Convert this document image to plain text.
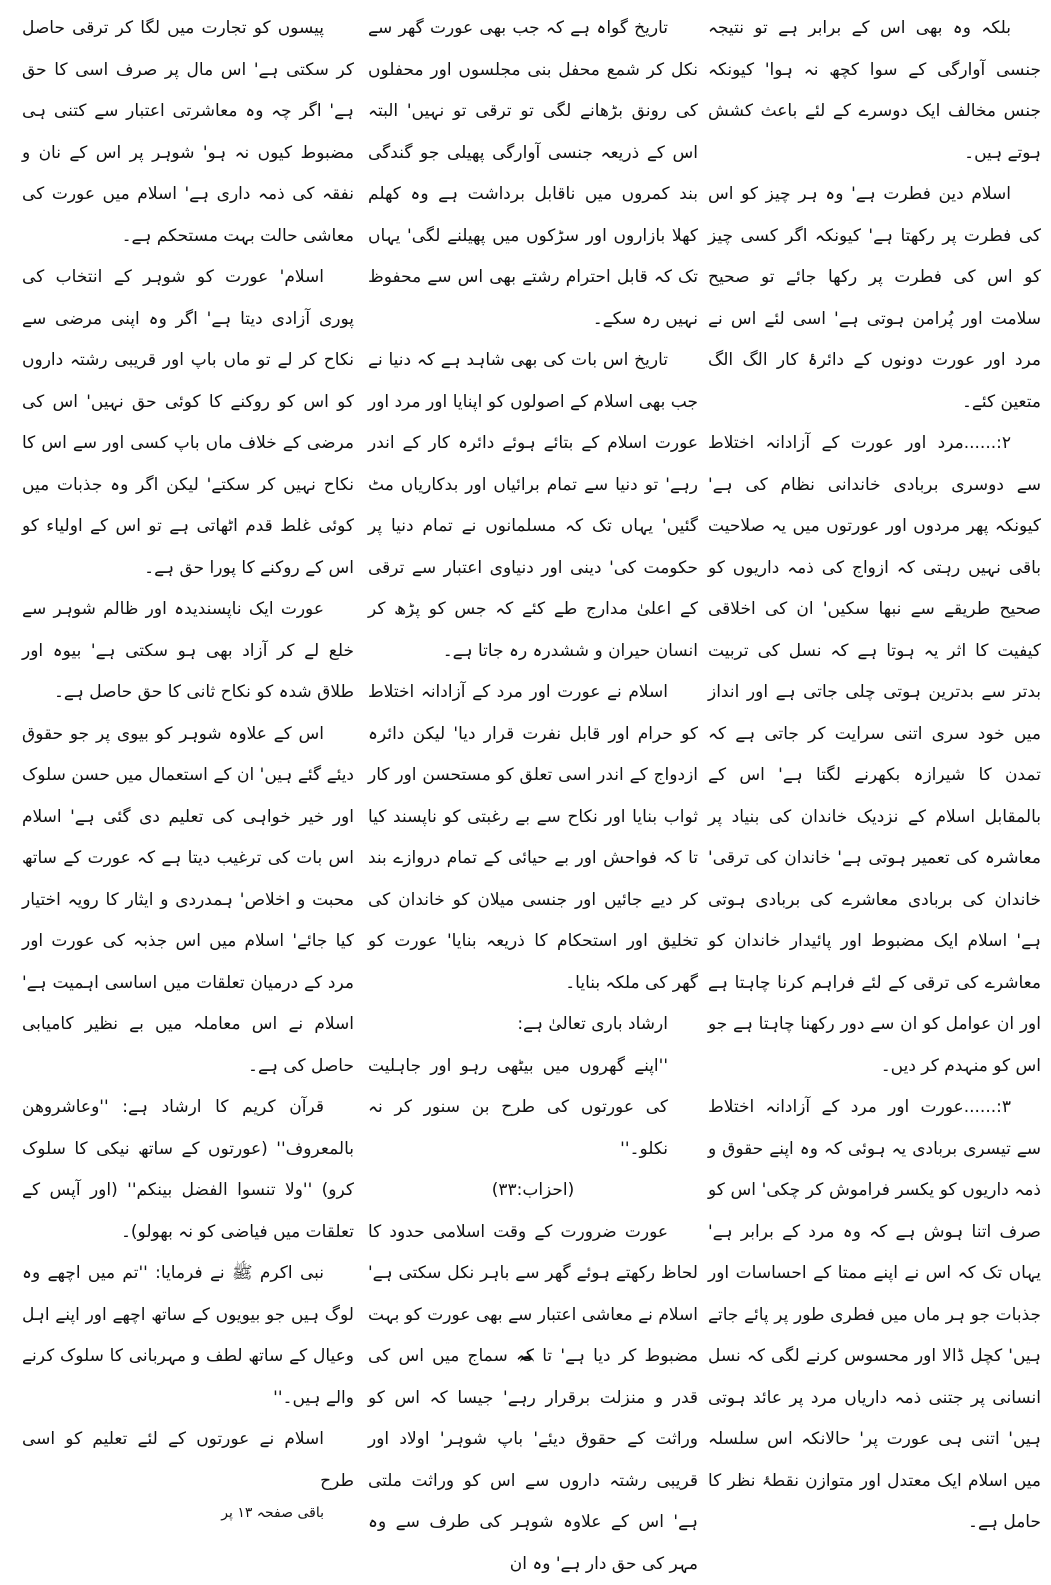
بلکہ وہ بھی اس کے برابر ہے تو نتیجہ جنسی آوارگی کے سوا کچھ نہ ہوا' کیونکہ جنس مخالف ایک دوسرے کے لئے باعث کشش ہوتے ہیں۔

اسلام دین فطرت ہے' وہ ہر چیز کو اس کی فطرت پر رکھتا ہے' کیونکہ اگر کسی چیز کو اس کی فطرت پر رکھا جائے تو صحیح سلامت اور پُرامن ہوتی ہے' اسی لئے اس نے مرد اور عورت دونوں کے دائرۂ کار الگ الگ متعین کئے۔

۲:......مرد اور عورت کے آزادانہ اختلاط سے دوسری بربادی خاندانی نظام کی ہے' کیونکہ پھر مردوں اور عورتوں میں یہ صلاحیت باقی نہیں رہتی کہ ازواج کی ذمہ داریوں کو صحیح طریقے سے نبھا سکیں' ان کی اخلاقی کیفیت کا اثر یہ ہوتا ہے کہ نسل کی تربیت بدتر سے بدترین ہوتی چلی جاتی ہے اور انداز میں خود سری اتنی سرایت کر جاتی ہے کہ تمدن کا شیرازہ بکھرنے لگتا ہے' اس کے بالمقابل اسلام کے نزدیک خاندان کی بنیاد پر معاشرہ کی تعمیر ہوتی ہے' خاندان کی ترقی' خاندان کی بربادی معاشرے کی بربادی ہوتی ہے' اسلام ایک مضبوط اور پائیدار خاندان کو معاشرے کی ترقی کے لئے فراہم کرنا چاہتا ہے اور ان عوامل کو ان سے دور رکھنا چاہتا ہے جو اس کو منہدم کر دیں۔

۳:......عورت اور مرد کے آزادانہ اختلاط سے تیسری بربادی یہ ہوئی کہ وہ اپنے حقوق و ذمہ داریوں کو یکسر فراموش کر چکی' اس کو صرف اتنا ہوش ہے کہ وہ مرد کے برابر ہے' یہاں تک کہ اس نے اپنے ممتا کے احساسات اور جذبات جو ہر ماں میں فطری طور پر پائے جاتے ہیں' کچل ڈالا اور محسوس کرنے لگی کہ نسل انسانی پر جتنی ذمہ داریاں مرد پر عائد ہوتی ہیں' اتنی ہی عورت پر' حالانکہ اس سلسلہ میں اسلام ایک معتدل اور متوازن نقطۂ نظر کا حامل ہے۔

تاریخ گواہ ہے کہ جب بھی عورت گھر سے نکل کر شمع محفل بنی مجلسوں اور محفلوں کی رونق بڑھانے لگی تو ترقی تو نہیں' البتہ اس کے ذریعہ جنسی آوارگی پھیلی جو گندگی بند کمروں میں ناقابل برداشت ہے وہ کھلم کھلا بازاروں اور سڑکوں میں پھیلنے لگی' یہاں تک کہ قابل احترام رشتے بھی اس سے محفوظ نہیں رہ سکے۔

تاریخ اس بات کی بھی شاہد ہے کہ دنیا نے جب بھی اسلام کے اصولوں کو اپنایا اور مرد اور عورت اسلام کے بتائے ہوئے دائرہ کار کے اندر رہے' تو دنیا سے تمام برائیاں اور بدکاریاں مٹ گئیں' یہاں تک کہ مسلمانوں نے تمام دنیا پر حکومت کی' دینی اور دنیاوی اعتبار سے ترقی کے اعلیٰ مدارج طے کئے کہ جس کو پڑھ کر انسان حیران و ششدرہ رہ جاتا ہے۔

اسلام نے عورت اور مرد کے آزادانہ اختلاط کو حرام اور قابل نفرت قرار دیا' لیکن دائرہ ازدواج کے اندر اسی تعلق کو مستحسن اور کار ثواب بنایا اور نکاح سے بے رغبتی کو ناپسند کیا تا کہ فواحش اور بے حیائی کے تمام دروازے بند کر دیے جائیں اور جنسی میلان کو خاندان کی تخلیق اور استحکام کا ذریعہ بنایا' عورت کو گھر کی ملکہ بنایا۔

ارشاد باری تعالیٰ ہے:

''اپنے گھروں میں بیٹھی رہو اور جاہلیت کی عورتوں کی طرح بن سنور کر نہ نکلو۔''

(احزاب:۳۳)

عورت ضرورت کے وقت اسلامی حدود کا لحاظ رکھتے ہوئے گھر سے باہر نکل سکتی ہے' اسلام نے معاشی اعتبار سے بھی عورت کو بہت مضبوط کر دیا ہے' تا کہ سماج میں اس کی قدر و منزلت برقرار رہے' جیسا کہ اس کو وراثت کے حقوق دیئے' باپ شوہر' اولاد اور قریبی رشتہ داروں سے اس کو وراثت ملتی ہے' اس کے علاوہ شوہر کی طرف سے وہ مہر کی حق دار ہے' وہ ان

پیسوں کو تجارت میں لگا کر ترقی حاصل کر سکتی ہے' اس مال پر صرف اسی کا حق ہے' اگر چہ وہ معاشرتی اعتبار سے کتنی ہی مضبوط کیوں نہ ہو' شوہر پر اس کے نان و نفقہ کی ذمہ داری ہے' اسلام میں عورت کی معاشی حالت بہت مستحکم ہے۔

اسلام' عورت کو شوہر کے انتخاب کی پوری آزادی دیتا ہے' اگر وہ اپنی مرضی سے نکاح کر لے تو ماں باپ اور قریبی رشتہ داروں کو اس کو روکنے کا کوئی حق نہیں' اس کی مرضی کے خلاف ماں باپ کسی اور سے اس کا نکاح نہیں کر سکتے' لیکن اگر وہ جذبات میں کوئی غلط قدم اٹھاتی ہے تو اس کے اولیاء کو اس کے روکنے کا پورا حق ہے۔

عورت ایک ناپسندیدہ اور ظالم شوہر سے خلع لے کر آزاد بھی ہو سکتی ہے' بیوہ اور طلاق شدہ کو نکاح ثانی کا حق حاصل ہے۔

اس کے علاوہ شوہر کو بیوی پر جو حقوق دیئے گئے ہیں' ان کے استعمال میں حسن سلوک اور خیر خواہی کی تعلیم دی گئی ہے' اسلام اس بات کی ترغیب دیتا ہے کہ عورت کے ساتھ محبت و اخلاص' ہمدردی و ایثار کا رویہ اختیار کیا جائے' اسلام میں اس جذبہ کی عورت اور مرد کے درمیان تعلقات میں اساسی اہمیت ہے' اسلام نے اس معاملہ میں بے نظیر کامیابی حاصل کی ہے۔

قرآن کریم کا ارشاد ہے: ''وعاشروھن بالمعروف'' (عورتوں کے ساتھ نیکی کا سلوک کرو) ''ولا تنسوا الفضل بینکم'' (اور آپس کے تعلقات میں فیاضی کو نہ بھولو)۔

نبی اکرم ﷺ نے فرمایا: ''تم میں اچھے وہ لوگ ہیں جو بیویوں کے ساتھ اچھے اور اپنے اہل وعیال کے ساتھ لطف و مہربانی کا سلوک کرنے والے ہیں۔''

اسلام نے عورتوں کے لئے تعلیم کو اسی طرح

باقی صفحہ ۱۳ پر
